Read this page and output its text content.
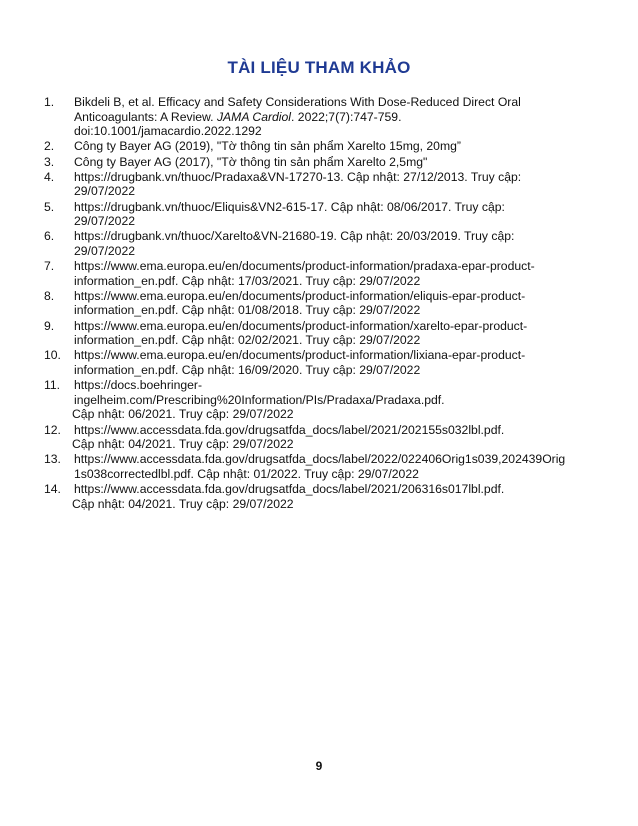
TÀI LIỆU THAM KHẢO
1.	Bikdeli B, et al. Efficacy and Safety Considerations With Dose-Reduced Direct Oral
Anticoagulants: A Review. JAMA Cardiol. 2022;7(7):747-759.
doi:10.1001/jamacardio.2022.1292
2.	Công ty Bayer AG (2019), "Tờ thông tin sản phẩm Xarelto 15mg, 20mg”
3.	Công ty Bayer AG (2017), "Tờ thông tin sản phẩm Xarelto 2,5mg"
4.	https://drugbank.vn/thuoc/Pradaxa&VN-17270-13. Cập nhật: 27/12/2013. Truy cập:
29/07/2022
5.	https://drugbank.vn/thuoc/Eliquis&VN2-615-17. Cập nhật: 08/06/2017. Truy cập:
29/07/2022
6.	https://drugbank.vn/thuoc/Xarelto&VN-21680-19. Cập nhật: 20/03/2019. Truy cập:
29/07/2022
7.	https://www.ema.europa.eu/en/documents/product-information/pradaxa-epar-product-
information_en.pdf. Cập nhật: 17/03/2021. Truy cập: 29/07/2022
8.	https://www.ema.europa.eu/en/documents/product-information/eliquis-epar-product-
information_en.pdf. Cập nhật: 01/08/2018. Truy cập: 29/07/2022
9.	https://www.ema.europa.eu/en/documents/product-information/xarelto-epar-product-
information_en.pdf. Cập nhật: 02/02/2021. Truy cập: 29/07/2022
10.	https://www.ema.europa.eu/en/documents/product-information/lixiana-epar-product-
information_en.pdf. Cập nhật: 16/09/2020. Truy cập: 29/07/2022
11.	https://docs.boehringer-
ingelheim.com/Prescribing%20Information/PIs/Pradaxa/Pradaxa.pdf.
Cập nhật: 06/2021. Truy cập: 29/07/2022
12.	https://www.accessdata.fda.gov/drugsatfda_docs/label/2021/202155s032lbl.pdf.
Cập nhật: 04/2021. Truy cập: 29/07/2022
13.	https://www.accessdata.fda.gov/drugsatfda_docs/label/2022/022406Orig1s039,202439Orig
1s038correctedlbl.pdf. Cập nhật: 01/2022. Truy cập: 29/07/2022
14.	https://www.accessdata.fda.gov/drugsatfda_docs/label/2021/206316s017lbl.pdf.
Cập nhật: 04/2021. Truy cập: 29/07/2022
9
